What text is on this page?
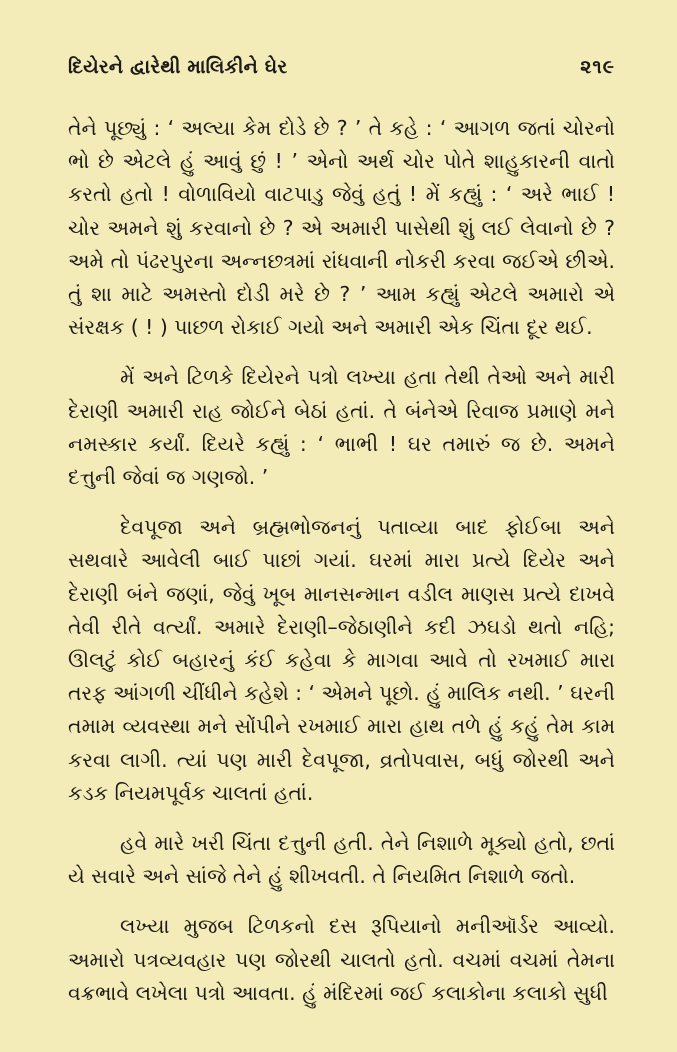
દિયેરને દ્વારેથી માલિકીને ઘેર	૨૧૯

તેને પૂછ્યું : ‘ અલ્યા કેમ દોડે છે ? ’ તે કહે : ‘ આગળ જતાં ચોરનો ભો છે એટલે હું આવું છું ! ’ એનો અર્થ ચોર પોતે શાહુકારની વાતો કરતો હતો ! વોળાવિયો વાટપાડુ જેવું હતું ! મેં કહ્યું : ‘ અરે ભાઈ ! ચોર અમને શું કરવાનો છે ? એ અમારી પાસેથી શું લઈ લેવાનો છે ? અમે તો પંઢરપુરના અન્નછત્રમાં રાંધવાની નોકરી કરવા જઈએ છીએ. તું શા માટે અમસ્તો દોડી મરે છે ? ’ આમ કહ્યું એટલે અમારો એ સંરક્ષક ( ! ) પાછળ રોકાઈ ગયો અને અમારી એક ચિંતા દૂર થઈ.

મેં અને ટિળકે દિયેરને પત્રો લખ્યા હતા તેથી તેઓ અને મારી દેરાણી અમારી રાહ જોઈને બેઠાં હતાં. તે બંનેએ રિવાજ પ્રમાણે મને નમસ્કાર કર્યાં. દિયરે કહ્યું : ‘ ભાભી ! ઘર તમારું જ છે. અમને દત્તુની જેવાં જ ગણજો. ’

દેવપૂજા અને બ્રહ્મભોજનનું પતાવ્યા બાદ ફોઈબા અને સથવારે આવેલી બાઈ પાછાં ગયાં. ઘરમાં મારા પ્રત્યે દિયેર અને દેરાણી બંને જણાં, જેવું ખૂબ માનસન્માન વડીલ માણસ પ્રત્યે દાખવે તેવી રીતે વર્ત્યાં. અમારે દેરાણી–જેઠાણીને કદી ઝઘડો થતો નહિ; ઊલટું કોઈ બહારનું કંઈ કહેવા કે માગવા આવે તો રખમાઈ મારા તરફ આંગળી ચીંધીને કહેશે : ‘ એમને પૂછો. હું માલિક નથી. ’ ઘરની તમામ વ્યવસ્થા મને સોંપીને રખમાઈ મારા હાથ તળે હું કહું તેમ કામ કરવા લાગી. ત્યાં પણ મારી દેવપૂજા, વ્રતોપવાસ, બધું જોરથી અને કડક નિયમપૂર્વક ચાલતાં હતાં.

હવે મારે ખરી ચિંતા દત્તુની હતી. તેને નિશાળે મૂક્યો હતો, છતાં યે સવારે અને સાંજે તેને હું શીખવતી. તે નિયમિત નિશાળે જતો.

લખ્યા મુજબ ટિળકનો દસ રૂપિયાનો મનીઑર્ડર આવ્યો. અમારો પત્રવ્યવહાર પણ જોરથી ચાલતો હતો. વચમાં વચમાં તેમના વક્રભાવે લખેલા પત્રો આવતા. હું મંદિરમાં જઈ કલાકોના કલાકો સુધી
